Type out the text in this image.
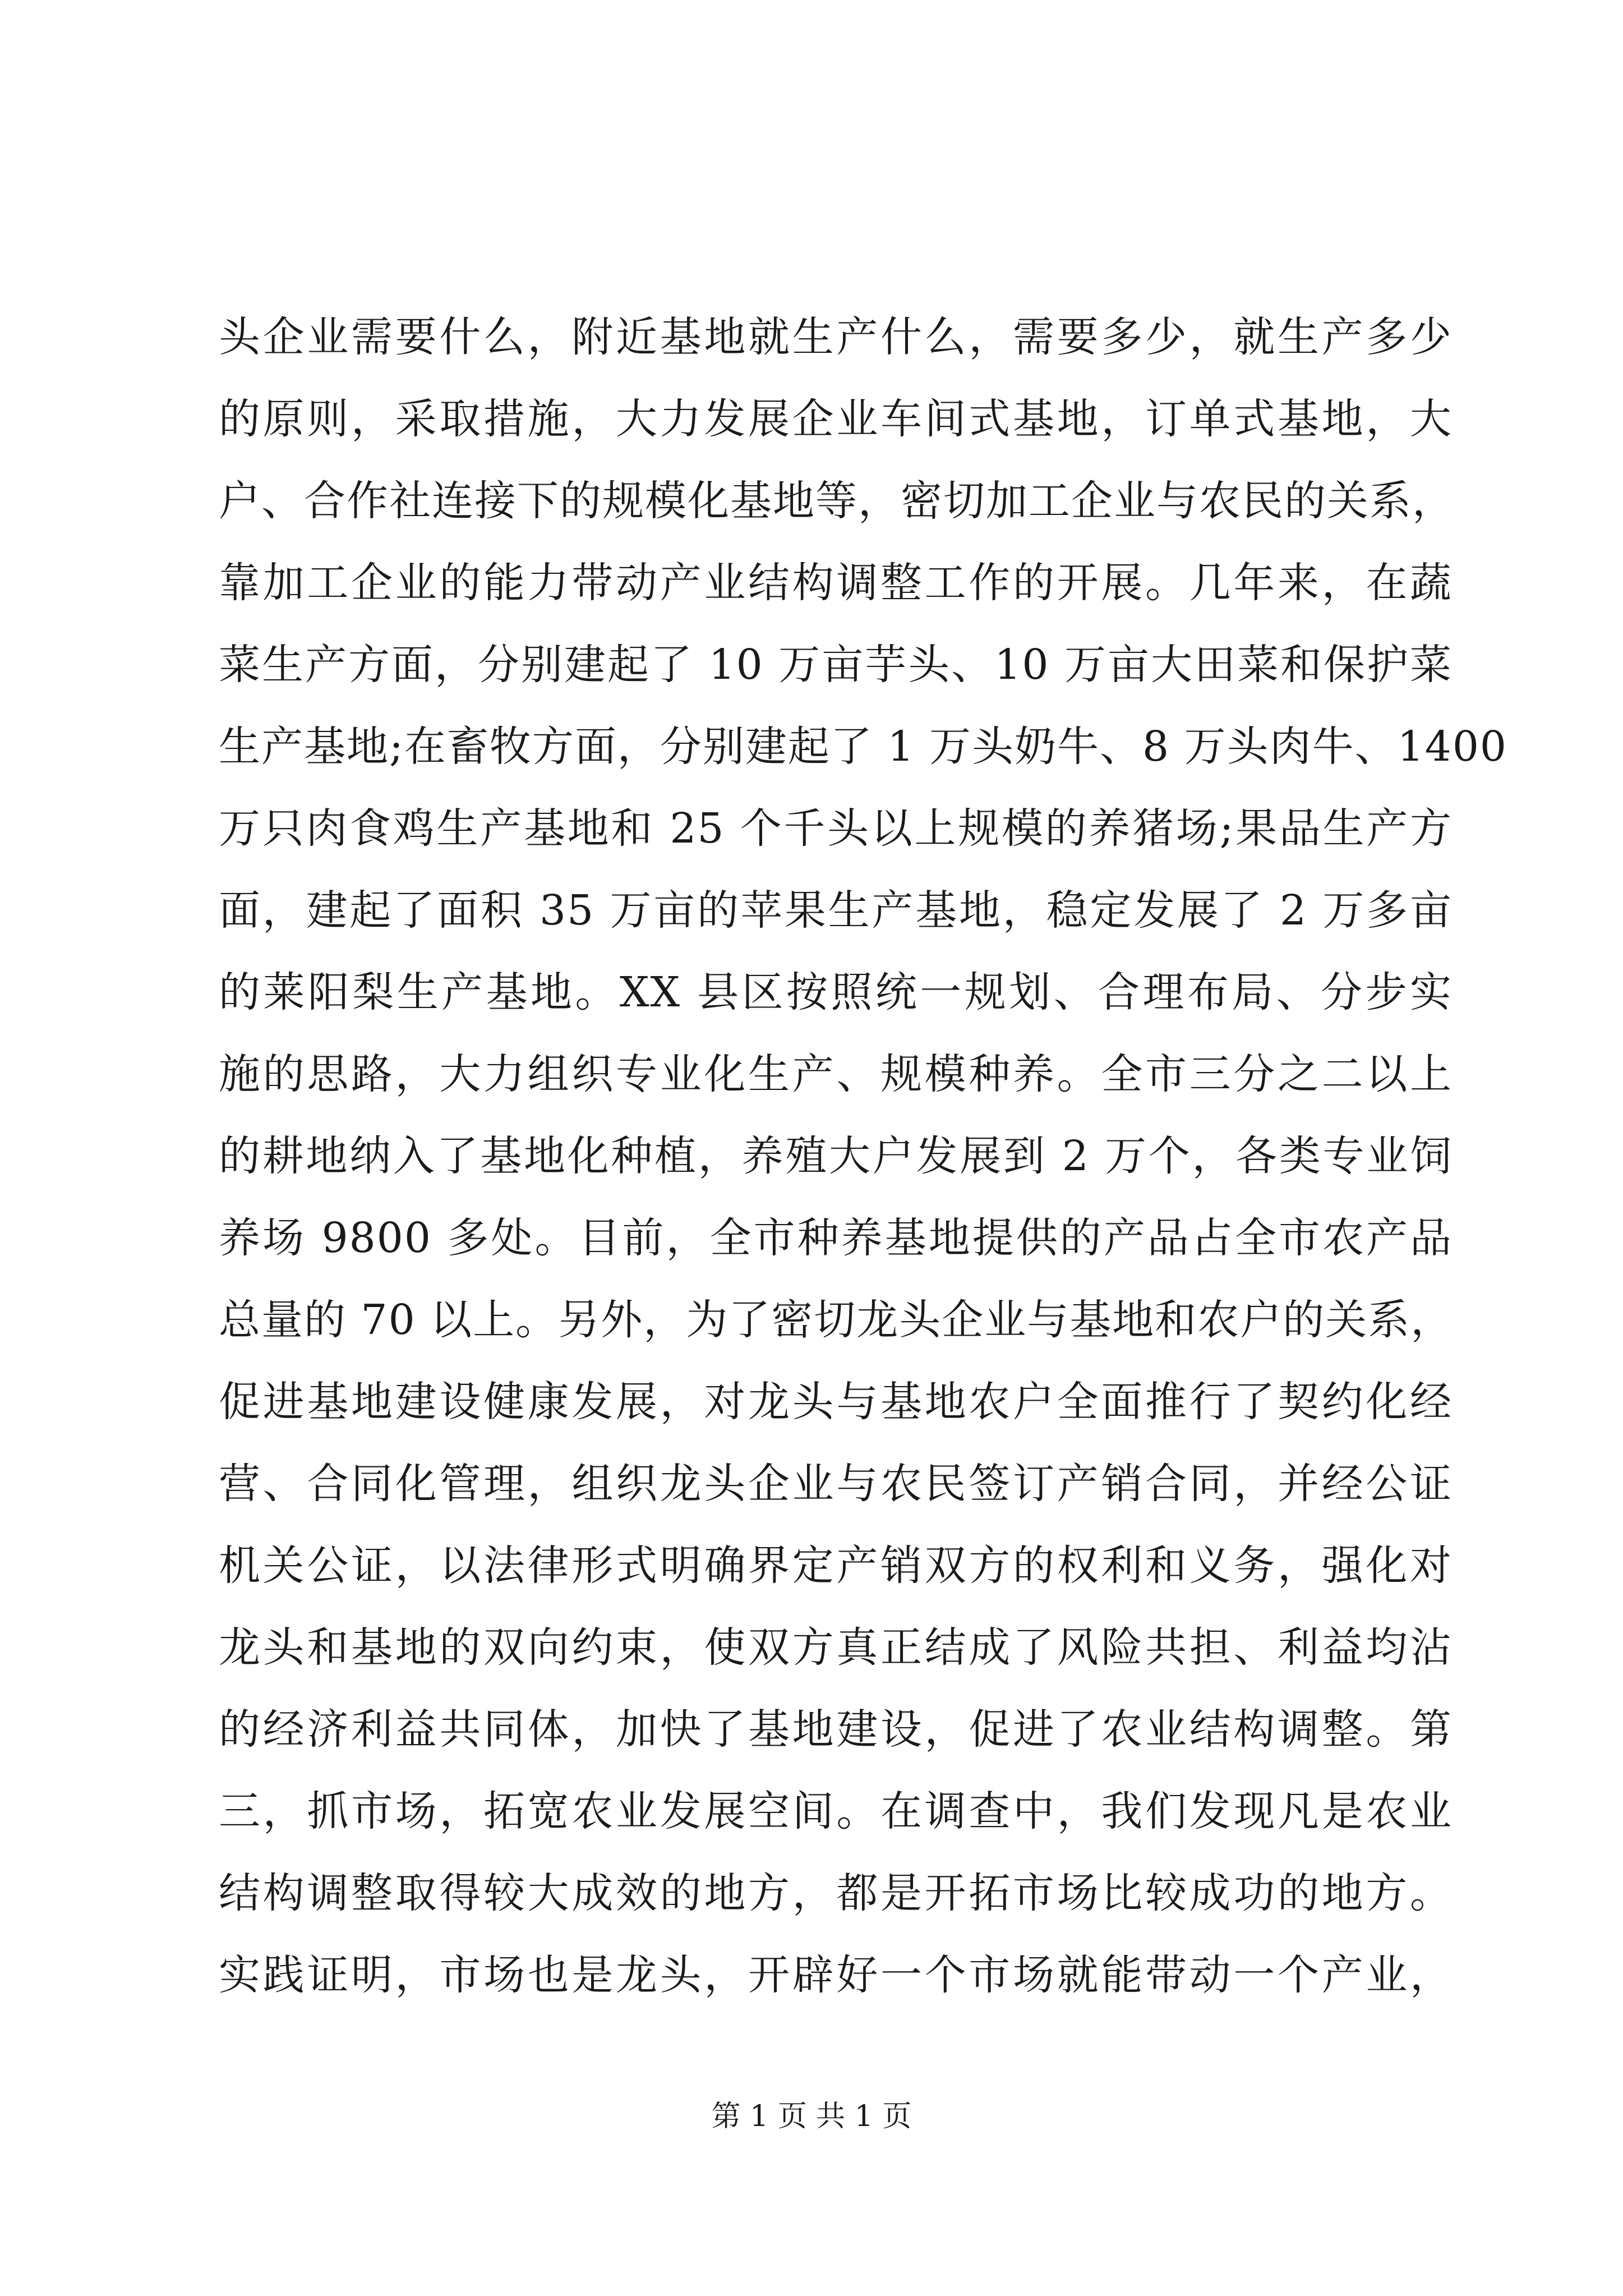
头企业需要什么，附近基地就生产什么，需要多少，就生产多少
的原则，采取措施，大力发展企业车间式基地，订单式基地，大
户、合作社连接下的规模化基地等，密切加工企业与农民的关系，
靠加工企业的能力带动产业结构调整工作的开展。几年来，在蔬
菜生产方面，分别建起了 10 万亩芋头、10 万亩大田菜和保护菜
生产基地;在畜牧方面，分别建起了 1 万头奶牛、8 万头肉牛、1400
万只肉食鸡生产基地和 25 个千头以上规模的养猪场;果品生产方
面，建起了面积 35 万亩的苹果生产基地，稳定发展了 2 万多亩
的莱阳梨生产基地。XX 县区按照统一规划、合理布局、分步实
施的思路，大力组织专业化生产、规模种养。全市三分之二以上
的耕地纳入了基地化种植，养殖大户发展到 2 万个，各类专业饲
养场 9800 多处。目前，全市种养基地提供的产品占全市农产品
总量的 70 以上。另外，为了密切龙头企业与基地和农户的关系，
促进基地建设健康发展，对龙头与基地农户全面推行了契约化经
营、合同化管理，组织龙头企业与农民签订产销合同，并经公证
机关公证，以法律形式明确界定产销双方的权利和义务，强化对
龙头和基地的双向约束，使双方真正结成了风险共担、利益均沾
的经济利益共同体，加快了基地建设，促进了农业结构调整。第
三，抓市场，拓宽农业发展空间。在调查中，我们发现凡是农业
结构调整取得较大成效的地方，都是开拓市场比较成功的地方。
实践证明，市场也是龙头，开辟好一个市场就能带动一个产业，
第 1 页 共 1 页
